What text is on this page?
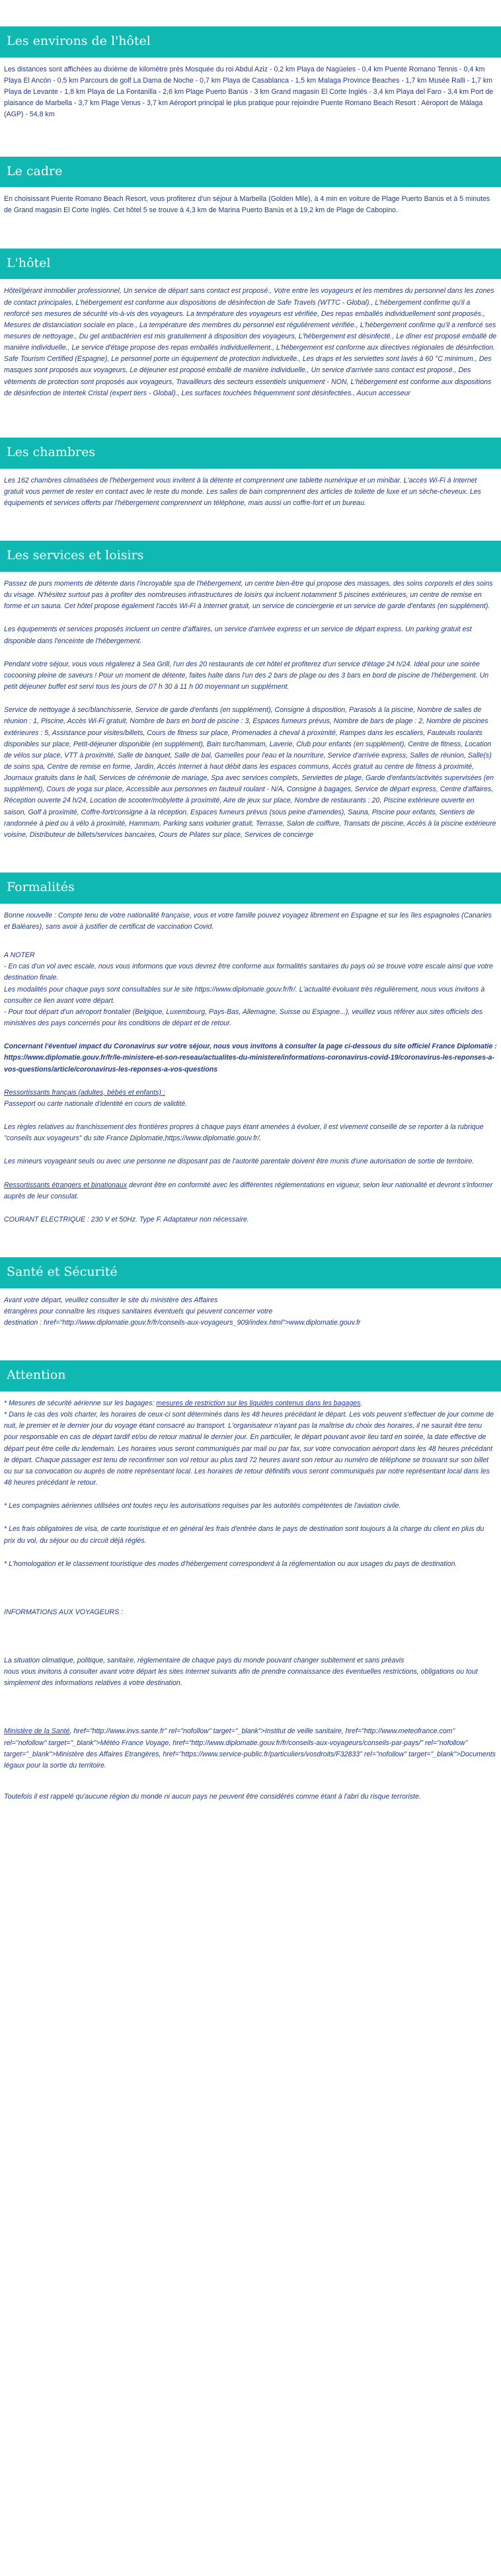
Les environs de l'hôtel
Les distances sont affichées au dixième de kilomètre près Mosquée du roi Abdul Aziz - 0,2 km Playa de Nagüeles - 0,4 km Puente Romano Tennis - 0,4 km Playa El Ancón - 0,5 km Parcours de golf La Dama de Noche - 0,7 km Playa de Casablanca - 1,5 km Malaga Province Beaches - 1,7 km Musée Ralli - 1,7 km Playa de Levante - 1,8 km Playa de La Fontanilla - 2,6 km Plage Puerto Banús - 3 km Grand magasin El Corte Inglés - 3,4 km Playa del Faro - 3,4 km Port de plaisance de Marbella - 3,7 km Plage Venus - 3,7 km Aéroport principal le plus pratique pour rejoindre Puente Romano Beach Resort : Aéroport de Málaga (AGP) - 54,8 km
Le cadre
En choisissant Puente Romano Beach Resort, vous profiterez d'un séjour à Marbella (Golden Mile), à 4 min en voiture de Plage Puerto Banús et à 5 minutes de Grand magasin El Corte Inglés. Cet hôtel 5 se trouve à 4,3 km de Marina Puerto Banús et à 19,2 km de Plage de Cabopino.
L'hôtel
Hôtel/gérant immobilier professionnel, Un service de départ sans contact est proposé., Votre entre les voyageurs et les membres du personnel dans les zones de contact principales, L'hébergement est conforme aux dispositions de désinfection de Safe Travels (WTTC - Global)., L'hébergement confirme qu'il a renforcé ses mesures de sécurité vis-à-vis des voyageurs. La température des voyageurs est vérifiée, Des repas emballés individuellement sont proposés., Mesures de distanciation sociale en place., La température des membres du personnel est régulièrement vérifiée., L'hébergement confirme qu'il a renforcé ses mesures de nettoyage., Du gel antibactérien est mis gratuitement à disposition des voyageurs, L'hébergement est désinfecté., Le dîner est proposé emballé de manière individuelle., Le service d'étage propose des repas emballés individuellement., L'hébergement est conforme aux directives régionales de désinfection. Safe Tourism Certified (Espagne), Le personnel porte un équipement de protection individuelle., Les draps et les serviettes sont lavés à 60 °C minimum., Des masques sont proposés aux voyageurs, Le déjeuner est proposé emballé de manière individuelle., Un service d'arrivée sans contact est proposé., Des vêtements de protection sont proposés aux voyageurs, Travailleurs des secteurs essentiels uniquement - NON, L'hébergement est conforme aux dispositions de désinfection de Intertek Cristal (expert tiers - Global)., Les surfaces touchées fréquemment sont désinfectées., Aucun accesseur
Les chambres
Les 162 chambres climatisées de l'hébergement vous invitent à la détente et comprennent une tablette numérique et un minibar. L'accès Wi-Fi à Internet gratuit vous permet de rester en contact avec le reste du monde. Les salles de bain comprennent des articles de toilette de luxe et un sèche-cheveux. Les équipements et services offerts par l'hébergement comprennent un téléphone, mais aussi un coffre-fort et un bureau.
Les services et loisirs
Passez de purs moments de détente dans l'incroyable spa de l'hébergement, un centre bien-être qui propose des massages, des soins corporels et des soins du visage. N'hésitez surtout pas à profiter des nombreuses infrastructures de loisirs qui incluent notamment 5 piscines extérieures, un centre de remise en forme et un sauna. Cet hôtel propose également l'accès Wi-Fi à Internet gratuit, un service de conciergerie et un service de garde d'enfants (en supplément).
Les équipements et services proposés incluent un centre d'affaires, un service d'arrivée express et un service de départ express. Un parking gratuit est disponible dans l'enceinte de l'hébergement.
Pendant votre séjour, vous vous régalerez à Sea Grill, l'un des 20 restaurants de cet hôtel et profiterez d'un service d'étage 24 h/24. Idéal pour une soirée cocooning pleine de saveurs ! Pour un moment de détente, faites halte dans l'un des 2 bars de plage ou des 3 bars en bord de piscine de l'hébergement. Un petit déjeuner buffet est servi tous les jours de 07 h 30 à 11 h 00 moyennant un supplément.
Service de nettoyage à sec/blanchisserie, Service de garde d'enfants (en supplément), Consigne à disposition, Parasols à la piscine, Nombre de salles de réunion : 1, Piscine, Accès Wi-Fi gratuit, Nombre de bars en bord de piscine : 3, Espaces fumeurs prévus, Nombre de bars de plage : 2, Nombre de piscines extérieures : 5, Assistance pour visites/billets, Cours de fitness sur place, Promenades à cheval à proximité, Rampes dans les escaliers, Fauteuils roulants disponibles sur place, Petit-déjeuner disponible (en supplément), Bain turc/hammam, Laverie, Club pour enfants (en supplément), Centre de fitness, Location de vélos sur place, VTT à proximité, Salle de banquet, Salle de bal, Gamelles pour l'eau et la nourriture, Service d'arrivée express, Salles de réunion, Salle(s) de soins spa, Centre de remise en forme, Jardin, Accès Internet à haut débit dans les espaces communs, Accès gratuit au centre de fitness à proximité, Journaux gratuits dans le hall, Services de cérémonie de mariage, Spa avec services complets, Serviettes de plage, Garde d'enfants/activités supervisées (en supplément), Cours de yoga sur place, Accessible aux personnes en fauteuil roulant - N/A, Consigne à bagages, Service de départ express, Centre d'affaires, Réception ouverte 24 h/24, Location de scooter/mobylette à proximité, Aire de jeux sur place, Nombre de restaurants : 20, Piscine extérieure ouverte en saison, Golf à proximité, Coffre-fort/consigne à la réception, Espaces fumeurs prévus (sous peine d'amendes), Sauna, Piscine pour enfants, Sentiers de randonnée à pied ou à vélo à proximité, Hammam, Parking sans voiturier gratuit, Terrasse, Salon de coiffure, Transats de piscine, Accès à la piscine extérieure voisine, Distributeur de billets/services bancaires, Cours de Pilates sur place, Services de concierge
Formalités
Bonne nouvelle : Compte tenu de votre nationalité française, vous et votre famille pouvez voyagez librement en Espagne et sur les îles espagnoles (Canaries et Baléares), sans avoir à justifier de certificat de vaccination Covid.
A NOTER
- En cas d'un vol avec escale, nous vous informons que vous devrez être conforme aux formalités sanitaires du pays où se trouve votre escale ainsi que votre destination finale.
Les modalités pour chaque pays sont consultables sur le site https://www.diplomatie.gouv.fr/fr/. L'actualité évoluant très régulièrement, nous vous invitons à consulter ce lien avant votre départ.
- Pour tout départ d'un aéroport frontalier (Belgique, Luxembourg, Pays-Bas, Allemagne, Suisse ou Espagne...), veuillez vous référer aux sites officiels des ministères des pays concernés pour les conditions de départ et de retour.
Concernant l'éventuel impact du Coronavirus sur votre séjour, nous vous invitons à consulter la page ci-dessous du site officiel France Diplomatie : https://www.diplomatie.gouv.fr/fr/le-ministere-et-son-reseau/actualites-du-ministere/informations-coronavirus-covid-19/coronavirus-les-reponses-a-vos-questions/article/coronavirus-les-reponses-a-vos-questions
Ressortissants français (adultes, bébés et enfants) :
Passeport ou carte nationale d'identité en cours de validité.
Les règles relatives au franchissement des frontières propres à chaque pays étant amenées à évoluer, il est vivement conseillé de se reporter à la rubrique "conseils aux voyageurs" du site France Diplomatie,https://www.diplomatie.gouv.fr/.
Les mineurs voyageant seuls ou avec une personne ne disposant pas de l'autorité parentale doivent être munis d'une autorisation de sortie de territoire.
Ressortissants étrangers et binationaux devront être en conformité avec les différentes réglementations en vigueur, selon leur nationalité et devront s'informer auprès de leur consulat.
COURANT ELECTRIQUE : 230 V et 50Hz. Type F. Adaptateur non nécessaire.
Santé et Sécurité
Avant votre départ, veuillez consulter le site du ministère des Affaires
étrangères pour connaître les risques sanitaires éventuels qui peuvent concerner votre
destination : href="http://www.diplomatie.gouv.fr/fr/conseils-aux-voyageurs_909/index.html">www.diplomatie.gouv.fr
Attention
* Mesures de sécurité aérienne sur les bagages: mesures de restriction sur les liquides contenus dans les bagages.
* Dans le cas des vols charter, les horaires de ceux-ci sont déterminés dans les 48 heures précédant le départ. Les vols peuvent s'effectuer de jour comme de nuit, le premier et le dernier jour du voyage étant consacré au transport. L'organisateur n'ayant pas la maîtrise du choix des horaires, il ne saurait être tenu pour responsable en cas de départ tardif et/ou de retour matinal le dernier jour. En particulier, le départ pouvant avoir lieu tard en soirée, la date effective de départ peut être celle du lendemain. Les horaires vous seront communiqués par mail ou par fax, sur votre convocation aéroport dans les 48 heures précédant le départ. Chaque passager est tenu de reconfirmer son vol retour au plus tard 72 heures avant son retour au numéro de téléphone se trouvant sur son billet ou sur sa convocation ou auprès de notre représentant local. Les horaires de retour définitifs vous seront communiqués par notre représentant local dans les 48 heures précédant le retour.
* Les compagnies aériennes utilisées ont toutes reçu les autorisations requises par les autorités compétentes de l'aviation civile.
* Les frais obligatoires de visa, de carte touristique et en général les frais d'entrée dans le pays de destination sont toujours à la charge du client en plus du prix du vol, du séjour ou du circuit déjà réglés.
* L'homologation et le classement touristique des modes d'hébergement correspondent à la réglementation ou aux usages du pays de destination.
INFORMATIONS AUX VOYAGEURS :
La situation climatique, politique, sanitaire, réglementaire de chaque pays du monde pouvant changer subitement et sans préavis
nous vous invitons à consulter avant votre départ les sites Internet suivants afin de prendre connaissance des éventuelles restrictions, obligations ou tout simplement des informations relatives à votre destination.
Ministère de la Santé, href="http://www.invs.sante.fr" rel="nofollow" target="_blank">Institut de veille sanitaire, href="http://www.meteofrance.com" rel="nofollow" target="_blank">Météo France Voyage, href="http://www.diplomatie.gouv.fr/fr/conseils-aux-voyageurs/conseils-par-pays/" rel="nofollow" target="_blank">Ministère des Affaires Etrangères, href="https://www.service-public.fr/particuliers/vosdroits/F32833" rel="nofollow" target="_blank">Documents légaux pour la sortie du territoire.
Toutefois il est rappelé qu'aucune région du monde ni aucun pays ne peuvent être considérés comme étant à l'abri du risque terroriste.
